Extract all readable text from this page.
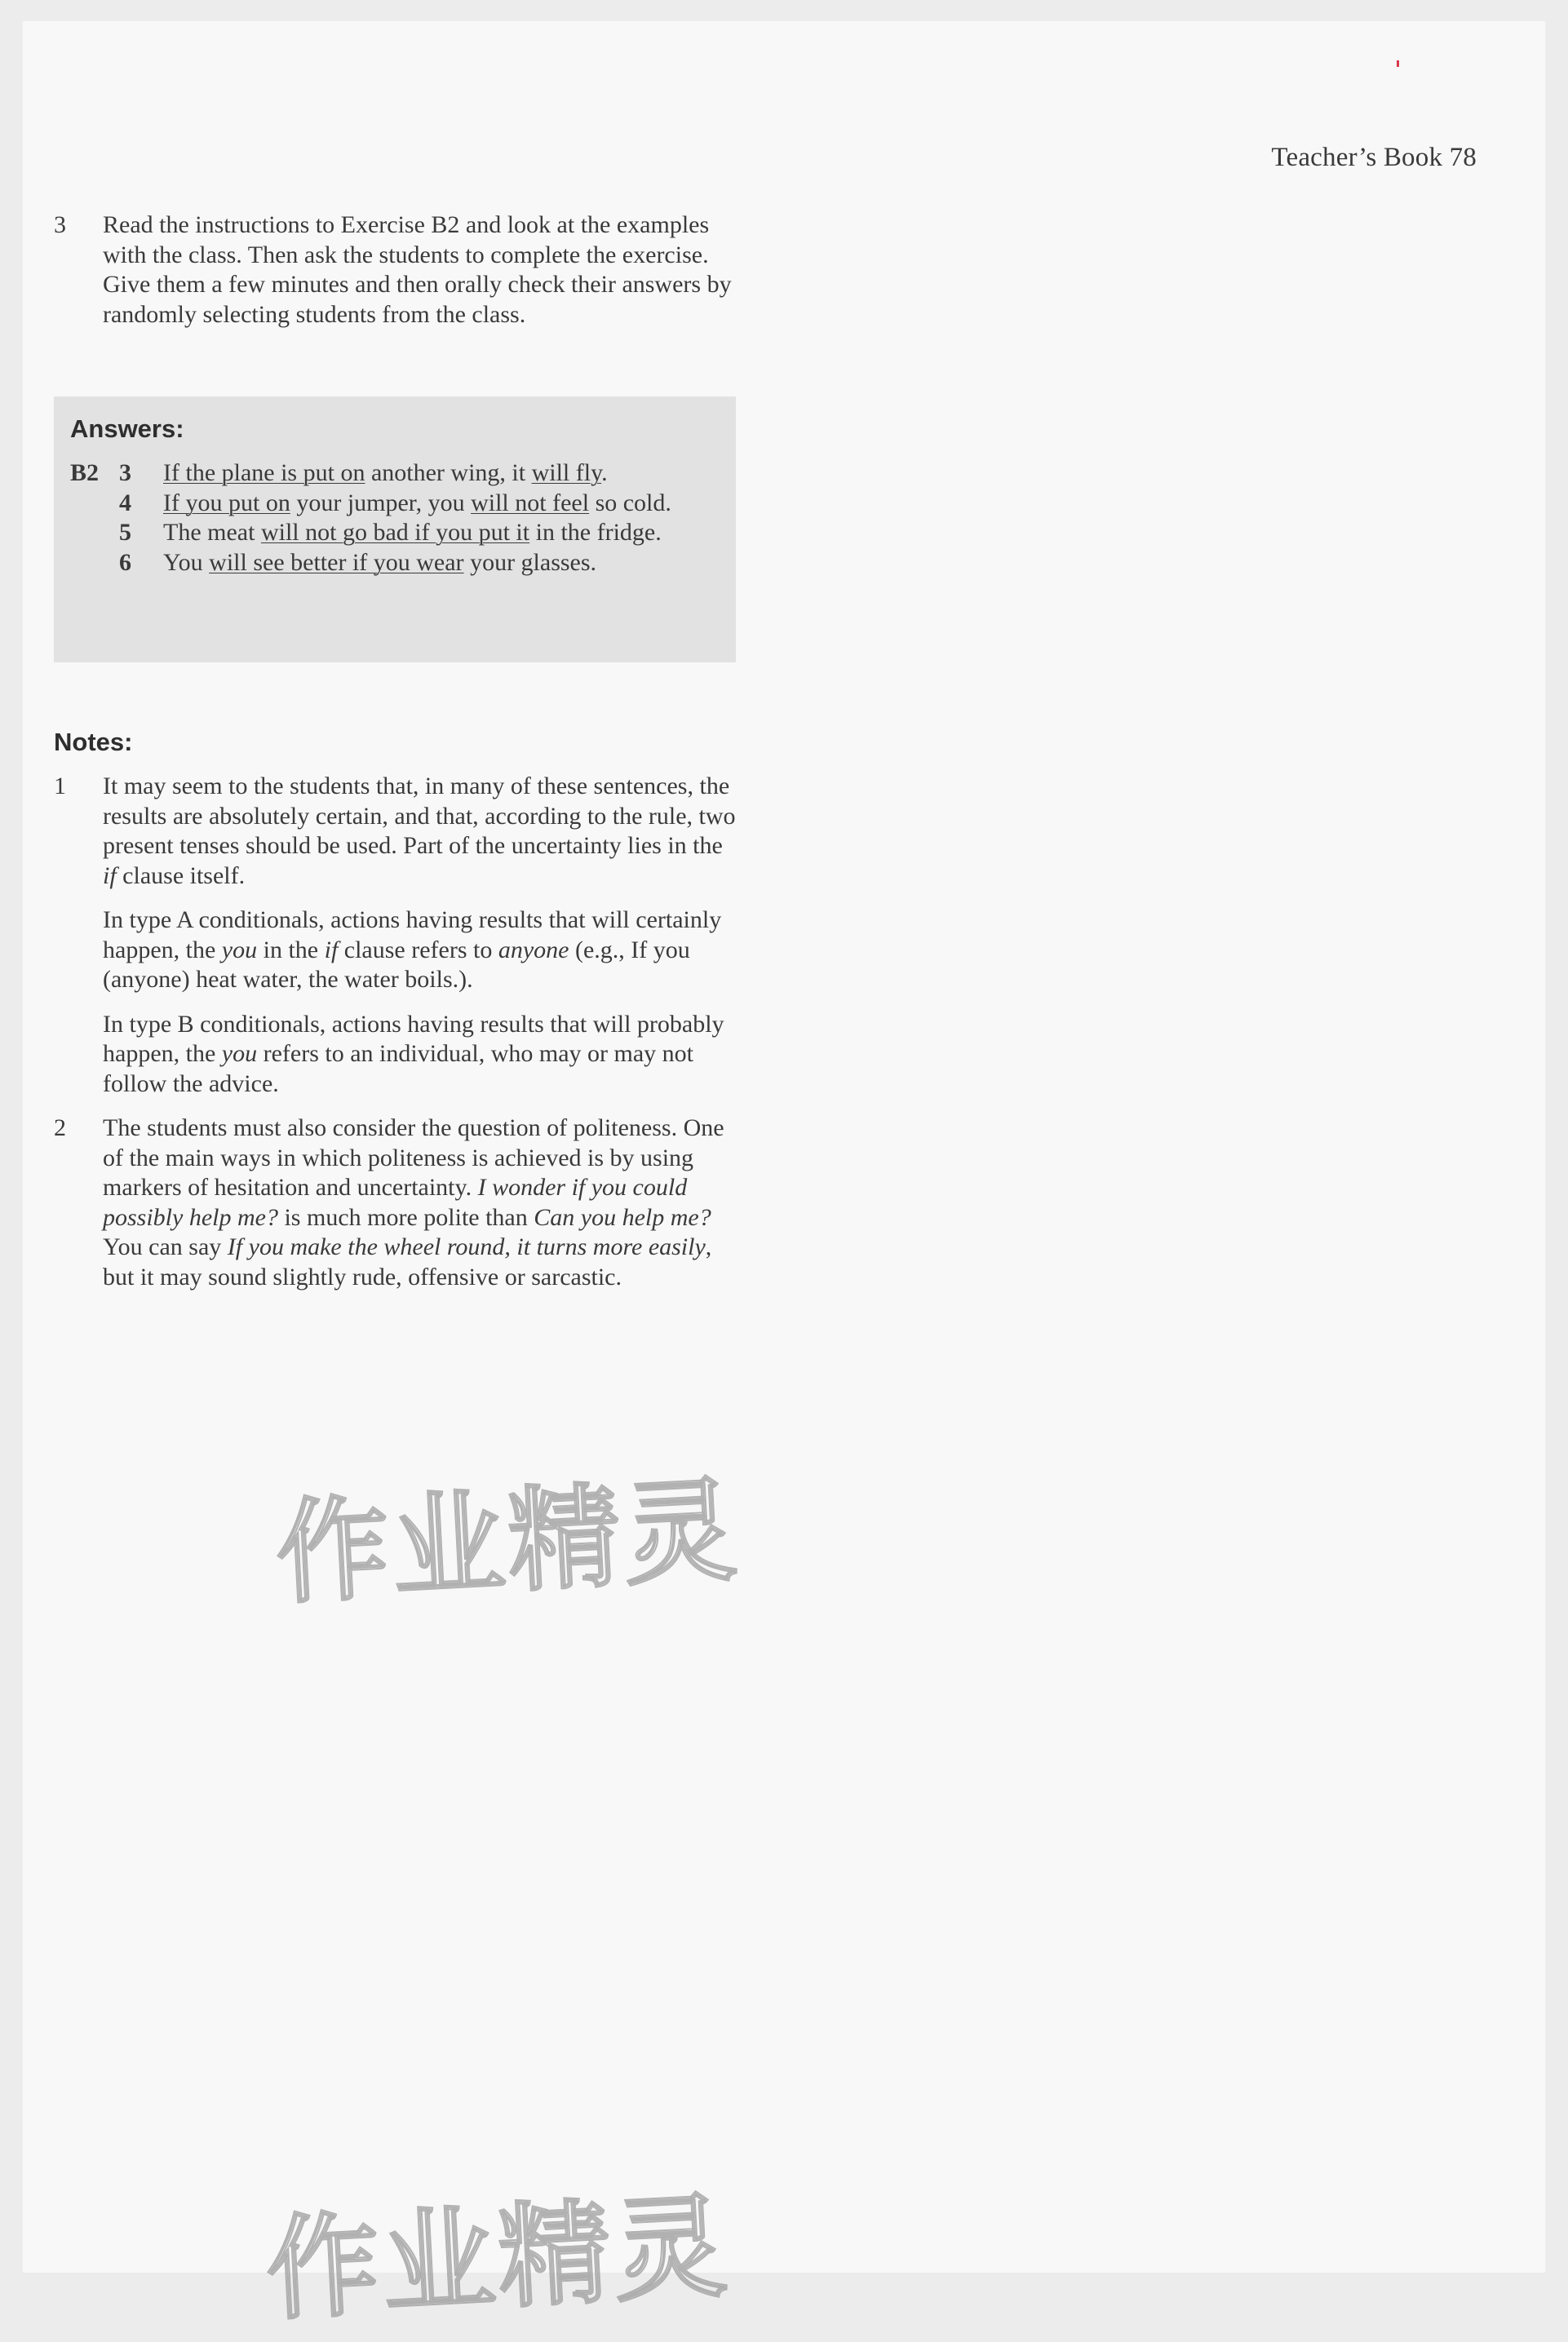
Teacher’s Book 78
3 Read the instructions to Exercise B2 and look at the examples with the class. Then ask the students to complete the exercise. Give them a few minutes and then orally check their answers by randomly selecting students from the class.
Answers:
B2 3 If the plane is put on another wing, it will fly.
4 If you put on your jumper, you will not feel so cold.
5 The meat will not go bad if you put it in the fridge.
6 You will see better if you wear your glasses.
Notes:
1 It may seem to the students that, in many of these sentences, the results are absolutely certain, and that, according to the rule, two present tenses should be used. Part of the uncertainty lies in the if clause itself.
In type A conditionals, actions having results that will certainly happen, the you in the if clause refers to anyone (e.g., If you (anyone) heat water, the water boils.).
In type B conditionals, actions having results that will probably happen, the you refers to an individual, who may or may not follow the advice.
2 The students must also consider the question of politeness. One of the main ways in which politeness is achieved is by using markers of hesitation and uncertainty. I wonder if you could possibly help me? is much more polite than Can you help me? You can say If you make the wheel round, it turns more easily, but it may sound slightly rude, offensive or sarcastic.
作业精灵
作业精灵
